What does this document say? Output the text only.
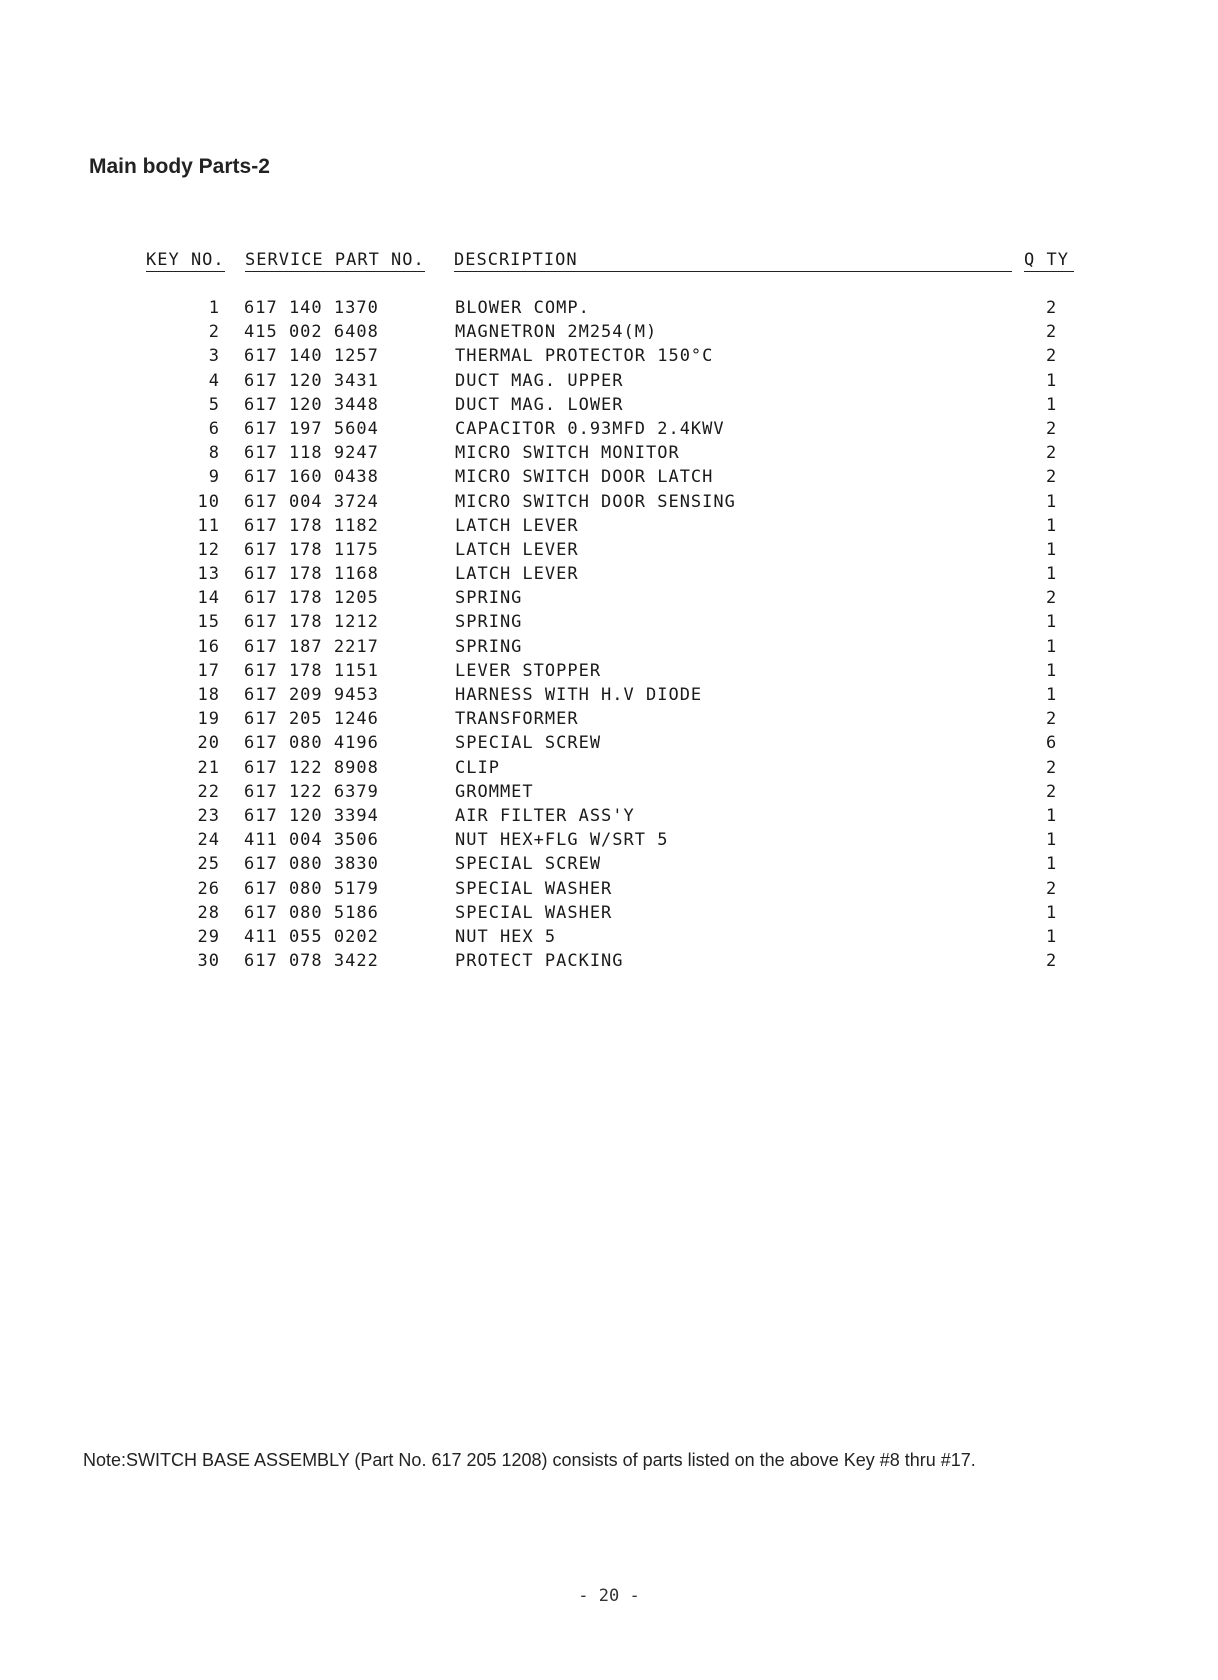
Main body Parts-2
KEY NO. SERVICE PART NO. DESCRIPTION	Q TY
1 617 140 1370	BLOWER COMP.	2
2 415 002 6408	MAGNETRON 2M254(M)	2
3 617 140 1257	THERMAL PROTECTOR 150°C	2
4 617 120 3431	DUCT MAG. UPPER	1
5 617 120 3448	DUCT MAG. LOWER	1
6 617 197 5604	CAPACITOR 0.93MFD 2.4KWV	2
8 617 118 9247	MICRO SWITCH MONITOR	2
9 617 160 0438	MICRO SWITCH DOOR LATCH	2
10 617 004 3724	MICRO SWITCH DOOR SENSING	1
11 617 178 1182	LATCH LEVER	1
12 617 178 1175	LATCH LEVER	1
13 617 178 1168	LATCH LEVER	1
14 617 178 1205	SPRING	2
15 617 178 1212	SPRING	1
16 617 187 2217	SPRING	1
17 617 178 1151	LEVER STOPPER	1
18 617 209 9453	HARNESS WITH H.V DIODE	1
19 617 205 1246	TRANSFORMER	2
20 617 080 4196	SPECIAL SCREW	6
21 617 122 8908	CLIP	2
22 617 122 6379	GROMMET	2
23 617 120 3394	AIR FILTER ASS'Y	1
24 411 004 3506	NUT HEX+FLG W/SRT 5	1
25 617 080 3830	SPECIAL SCREW	1
26 617 080 5179	SPECIAL WASHER	2
28 617 080 5186	SPECIAL WASHER	1
29 411 055 0202	NUT HEX 5	1
30 617 078 3422	PROTECT PACKING	2

Note:SWITCH BASE ASSEMBLY (Part No. 617 205 1208) consists of parts listed on the above Key #8 thru #17.

- 20 -
